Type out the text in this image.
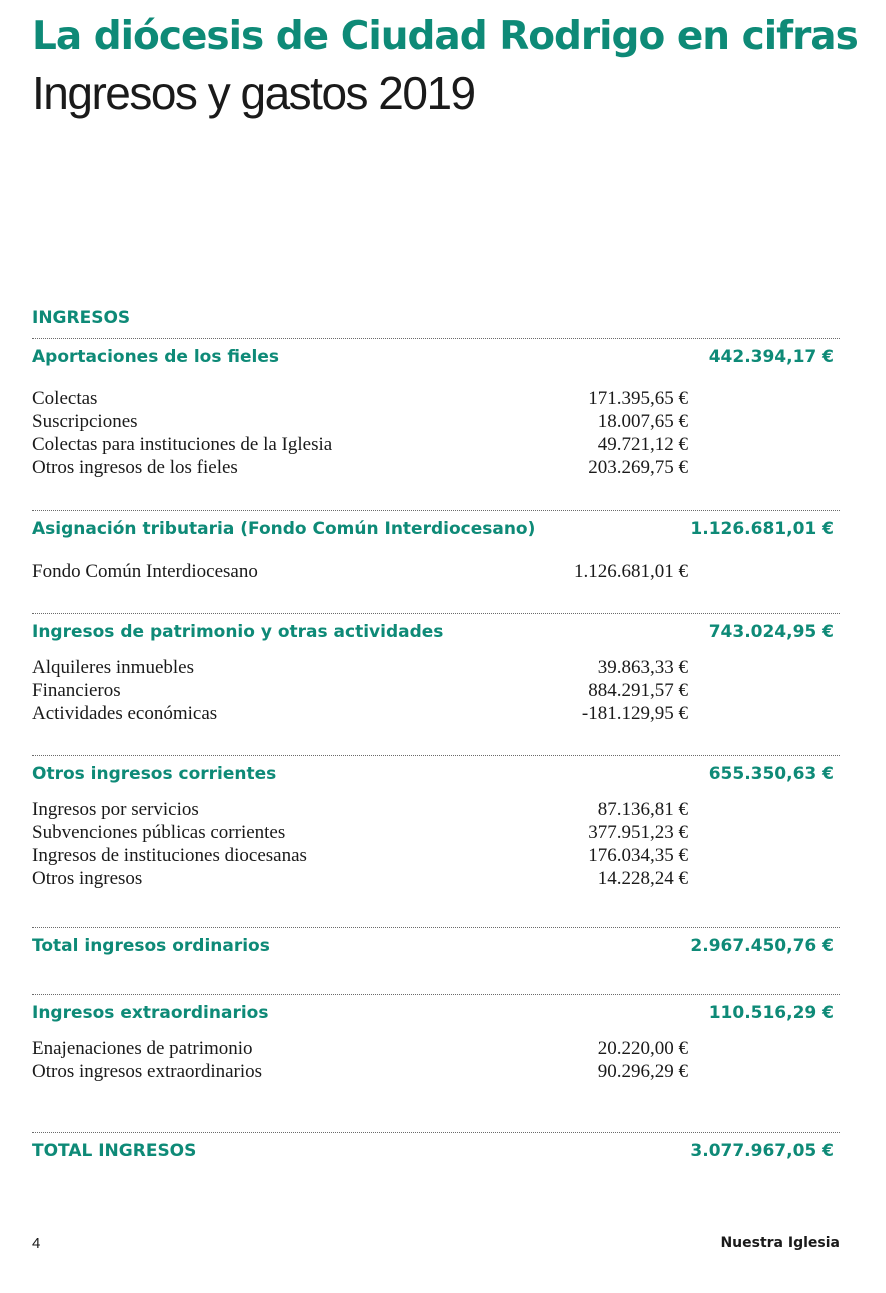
La diócesis de Ciudad Rodrigo en cifras
Ingresos y gastos 2019
INGRESOS
Aportaciones de los fieles	442.394,17 €
Colectas	171.395,65 €
Suscripciones	18.007,65 €
Colectas para instituciones de la Iglesia	49.721,12 €
Otros ingresos de los fieles	203.269,75 €
Asignación tributaria (Fondo Común Interdiocesano)	1.126.681,01 €
Fondo Común Interdiocesano	1.126.681,01 €
Ingresos de patrimonio y otras actividades	743.024,95 €
Alquileres inmuebles	39.863,33 €
Financieros	884.291,57 €
Actividades económicas	-181.129,95 €
Otros ingresos corrientes	655.350,63 €
Ingresos por servicios	87.136,81 €
Subvenciones públicas corrientes	377.951,23 €
Ingresos de instituciones diocesanas	176.034,35 €
Otros ingresos	14.228,24 €
Total ingresos ordinarios	2.967.450,76 €
Ingresos extraordinarios	110.516,29 €
Enajenaciones de patrimonio	20.220,00 €
Otros ingresos extraordinarios	90.296,29 €
TOTAL INGRESOS	3.077.967,05 €
4	Nuestra Iglesia
